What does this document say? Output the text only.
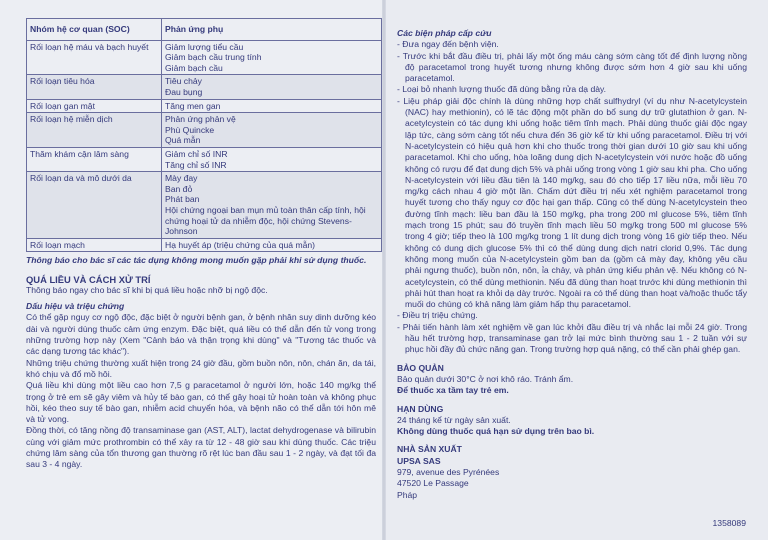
Nhóm hệ cơ quan (SOC)	Phản ứng phụ
Rối loạn hệ máu và bạch huyết	Giảm lượng tiểu cầu
Giảm bạch cầu trung tính
Giảm bạch cầu

Rối loạn tiêu hóa	Tiêu chảy
Đau bụng

Rối loạn gan mật	Tăng men gan

Rối loạn hệ miễn dịch	Phản ứng phản vệ
Phù Quincke
Quá mẫn

Thăm khám cận lâm sàng	Giảm chỉ số INR
Tăng chỉ số INR

Rối loạn da và mô dưới da	Mày đay
Ban đỏ
Phát ban
Hội chứng ngoại ban mụn mủ toàn thân cấp tính, hội chứng hoại tử da nhiễm độc, hội chứng Stevens-Johnson

Rối loạn mạch	Hạ huyết áp (triệu chứng của quá mẫn)
Thông báo cho bác sĩ các tác dụng không mong muốn gặp phải khi sử dụng thuốc.
QUÁ LIỀU VÀ CÁCH XỬ TRÍ

Thông báo ngay cho bác sĩ khi bị quá liều hoặc nhỡ bị ngộ độc.

Dấu hiệu và triệu chứng

Có thể gặp nguy cơ ngộ độc, đặc biệt ở người bệnh gan, ở bệnh nhân suy dinh dưỡng kéo dài và người dùng thuốc cảm ứng enzym. Đặc biệt, quá liều có thể dẫn đến tử vong trong những trường hợp này (Xem "Cảnh báo và thận trọng khi dùng" và "Tương tác thuốc và các dạng tương tác khác").

Những triệu chứng thường xuất hiện trong 24 giờ đầu, gồm buồn nôn, nôn, chán ăn, da tái, khó chịu và đổ mồ hôi.

Quá liều khi dùng một liều cao hơn 7,5 g paracetamol ở người lớn, hoặc 140 mg/kg thể trọng ở trẻ em sẽ gây viêm và hủy tế bào gan, có thể gây hoại tử hoàn toàn và không phục hồi, kéo theo suy tế bào gan, nhiễm acid chuyển hóa, và bệnh não có thể dẫn tới hôn mê và tử vong.

Đồng thời, có tăng nồng độ transaminase gan (AST, ALT), lactat dehydrogenase và bilirubin cùng với giảm mức prothrombin có thể xảy ra từ 12 - 48 giờ sau khi dùng thuốc. Các triệu chứng lâm sàng của tổn thương gan thường rõ rệt lúc ban đầu sau 1 - 2 ngày, và đạt tối đa sau 3 - 4 ngày.

Các biện pháp cấp cứu
- Đưa ngay đến bệnh viện.
- Trước khi bắt đầu điều trị, phải lấy một ống máu càng sớm càng tốt để định lượng nồng độ paracetamol trong huyết tương nhưng không được sớm hơn 4 giờ sau khi uống paracetamol.
- Loại bỏ nhanh lượng thuốc đã dùng bằng rửa dạ dày.
- Liệu pháp giải độc chính là dùng những hợp chất sulfhydryl (ví dụ như N-acetylcystein (NAC) hay methionin), có lẽ tác động một phần do bổ sung dự trữ glutathion ở gan. N-acetylcystein có tác dụng khi uống hoặc tiêm tĩnh mạch. Phải dùng thuốc giải độc ngay lập tức, càng sớm càng tốt nếu chưa đến 36 giờ kể từ khi uống paracetamol. Điều trị với N-acetylcystein có hiệu quả hơn khi cho thuốc trong thời gian dưới 10 giờ sau khi uống paracetamol. Khi cho uống, hòa loãng dung dịch N-acetylcystein với nước hoặc đồ uống không có rượu để đạt dung dịch 5% và phải uống trong vòng 1 giờ sau khi pha. Cho uống N-acetylcystein với liều đầu tiên là 140 mg/kg, sau đó cho tiếp 17 liều nữa, mỗi liều 70 mg/kg cách nhau 4 giờ một lần. Chấm dứt điều trị nếu xét nghiệm paracetamol trong huyết tương cho thấy nguy cơ độc hại gan thấp. Cũng có thể dùng N-acetylcystein theo đường tĩnh mạch: liều ban đầu là 150 mg/kg, pha trong 200 ml glucose 5%, tiêm tĩnh mạch trong 15 phút; sau đó truyền tĩnh mạch liều 50 mg/kg trong 500 ml glucose 5% trong 4 giờ; tiếp theo là 100 mg/kg trong 1 lít dung dịch trong vòng 16 giờ tiếp theo. Nếu không có dung dịch glucose 5% thì có thể dùng dung dịch natri clorid 0,9%. Tác dụng không mong muốn của N-acetylcystein gồm ban da (gồm cả mày đay, không yêu cầu phải ngưng thuốc), buồn nôn, nôn, ỉa chảy, và phản ứng kiểu phản vệ. Nếu không có N-acetylcystein, có thể dùng methionin. Nếu đã dùng than hoạt trước khi dùng methionin thì phải hút than hoạt ra khỏi dạ dày trước. Ngoài ra có thể dùng than hoạt và/hoặc thuốc tẩy muối do chúng có khả năng làm giảm hấp thụ paracetamol.
- Điều trị triệu chứng.
- Phải tiến hành làm xét nghiệm về gan lúc khởi đầu điều trị và nhắc lại mỗi 24 giờ. Trong hầu hết trường hợp, transaminase gan trở lại mức bình thường sau 1 - 2 tuần với sự phục hồi đầy đủ chức năng gan. Trong trường hợp quá nặng, có thể cần phải ghép gan.
BẢO QUẢN

Bảo quản dưới 30°C ở nơi khô ráo. Tránh ẩm.

Để thuốc xa tầm tay trẻ em.

HẠN DÙNG

24 tháng kể từ ngày sản xuất.

Không dùng thuốc quá hạn sử dụng trên bao bì.

NHÀ SẢN XUẤT

UPSA SAS

979, avenue des Pyrénées

47520 Le Passage

Pháp

1358089
